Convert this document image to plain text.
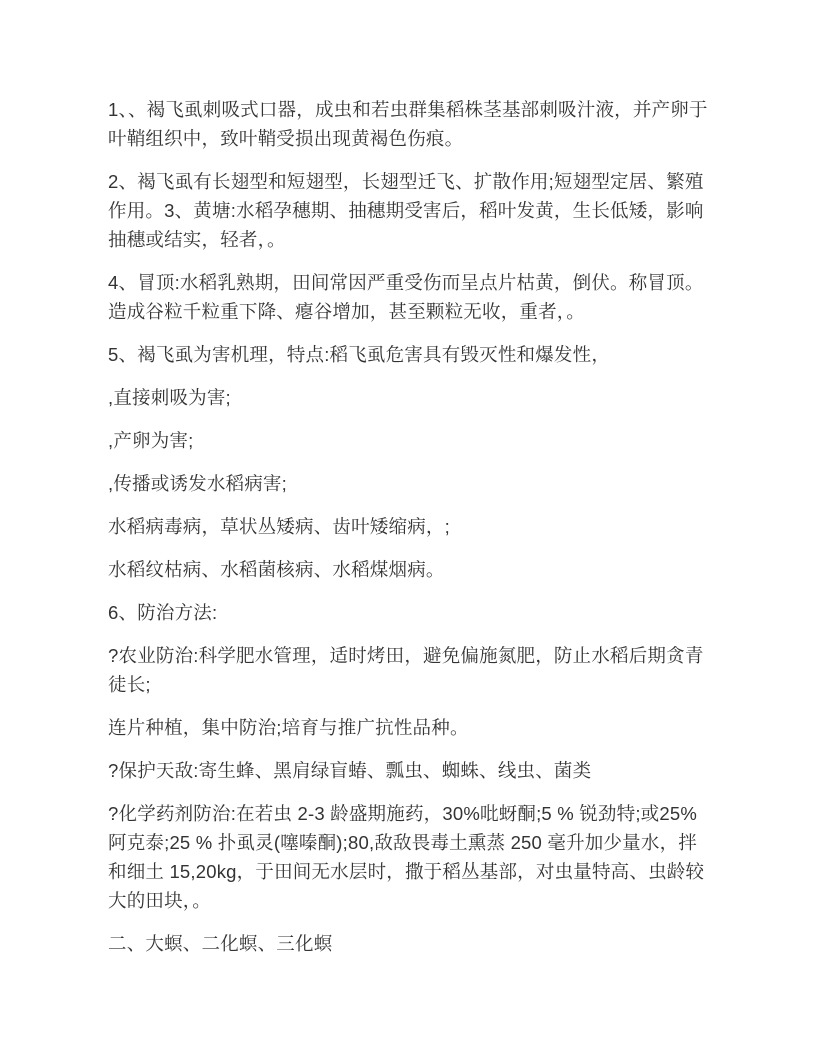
1、、褐飞虱刺吸式口器，成虫和若虫群集稻株茎基部刺吸汁液，并产卵于叶鞘组织中，致叶鞘受损出现黄褐色伤痕。

2、褐飞虱有长翅型和短翅型，长翅型迁飞、扩散作用;短翅型定居、繁殖作用。3、黄塘:水稻孕穗期、抽穗期受害后，稻叶发黄，生长低矮，影响抽穗或结实，轻者，。

4、冒顶:水稻乳熟期，田间常因严重受伤而呈点片枯黄，倒伏。称冒顶。造成谷粒千粒重下降、瘪谷增加，甚至颗粒无收，重者，。

5、褐飞虱为害机理，特点:稻飞虱危害具有毁灭性和爆发性，

,直接刺吸为害;

,产卵为害;

,传播或诱发水稻病害;

水稻病毒病，草状丛矮病、齿叶矮缩病，;

水稻纹枯病、水稻菌核病、水稻煤烟病。

6、防治方法:

?农业防治:科学肥水管理，适时烤田，避免偏施氮肥，防止水稻后期贪青徒长;

连片种植，集中防治;培育与推广抗性品种。

?保护天敌:寄生蜂、黑肩绿盲蝽、瓢虫、蜘蛛、线虫、菌类

?化学药剂防治:在若虫 2-3 龄盛期施药，30%吡蚜酮;5 % 锐劲特;或25%阿克泰;25 % 扑虱灵(噻嗪酮);80,敌敌畏毒土熏蒸 250 毫升加少量水，拌和细土 15,20kg，于田间无水层时，撒于稻丛基部，对虫量特高、虫龄较大的田块，。

二、大螟、二化螟、三化螟
